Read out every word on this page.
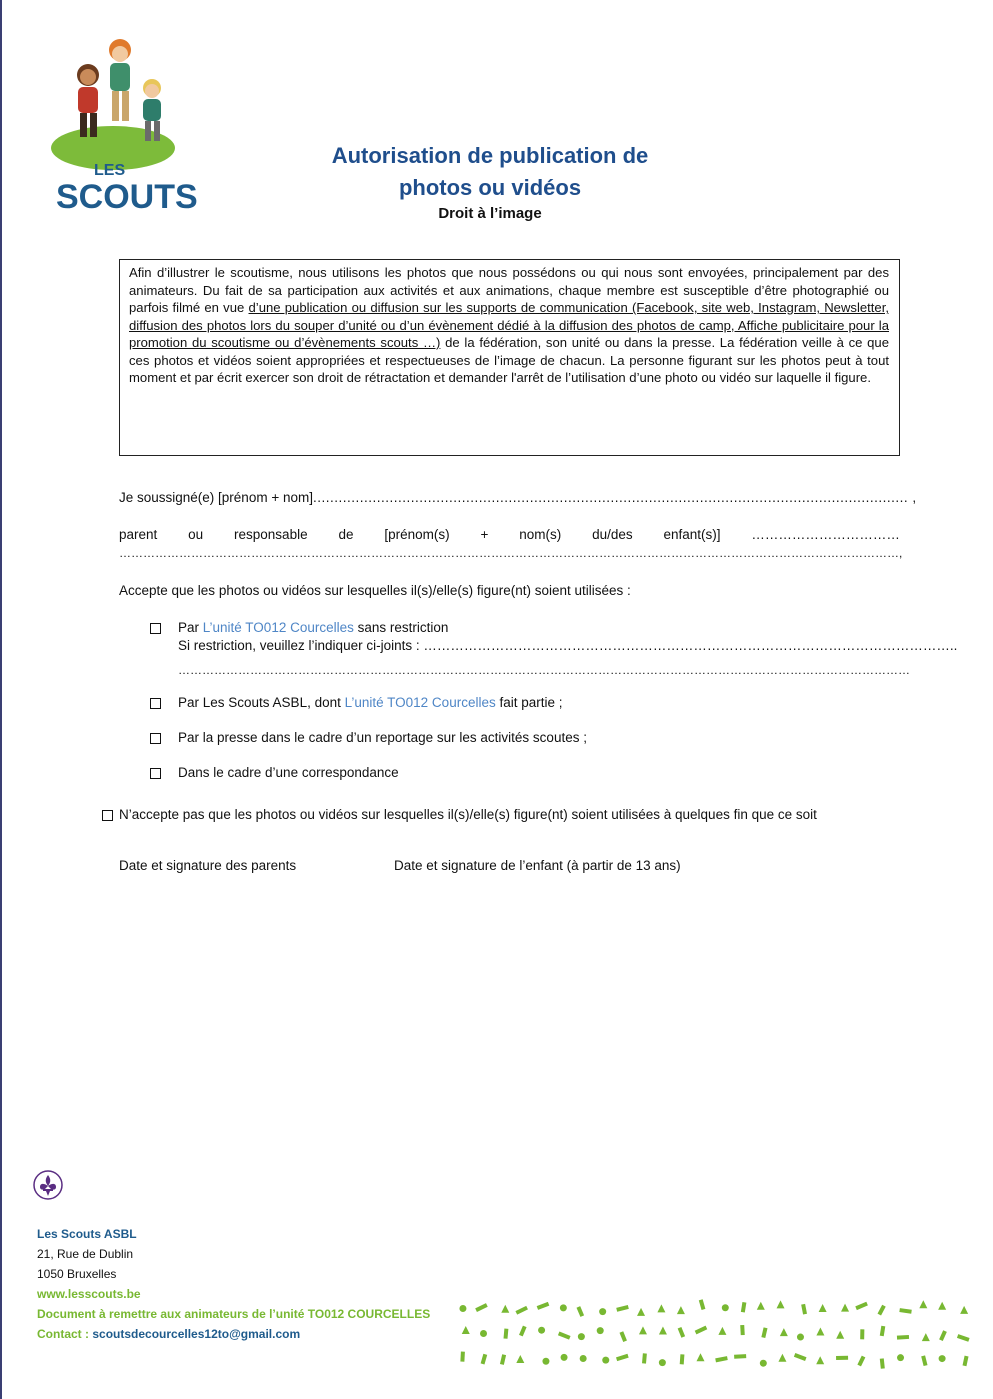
LES
SCOUTS
Autorisation de publication de
photos ou vidéos
Droit à l’image
Afin d’illustrer le scoutisme, nous utilisons les photos que nous possédons ou qui nous sont envoyées, principalement par des animateurs. Du fait de sa participation aux activités et aux animations, chaque membre est susceptible d’être photographié ou parfois filmé en vue d’une publication ou diffusion sur les supports de communication (Facebook, site web, Instagram, Newsletter, diffusion des photos lors du souper d’unité ou d’un évènement dédié à la diffusion des photos de camp, Affiche publicitaire pour la promotion du scoutisme ou d’évènements scouts …) de la fédération, son unité ou dans la presse. La fédération veille à ce que ces photos et vidéos soient appropriées et respectueuses de l’image de chacun. La personne figurant sur les photos peut à tout moment et par écrit exercer son droit de rétractation et demander l'arrêt de l’utilisation d’une photo ou vidéo sur laquelle il figure.
Je soussigné(e) [prénom + nom]............................................................................................................................................ ,
parent ou responsable de [prénom(s) + nom(s) du/des enfant(s)] ……………………………
……………………………………………………………………………………………………………………………………………………………………………,
Accepte que les photos ou vidéos sur lesquelles il(s)/elle(s) figure(nt) soient utilisées :
Par L’unité TO012 Courcelles sans restriction
Si restriction, veuillez l’indiquer ci-joints : ………………………………………………………………………………………………………..
…………………………………………………………………………………………………………………………………………………………………
Par Les Scouts ASBL, dont L’unité TO012 Courcelles fait partie ;
Par la presse dans le cadre d’un reportage sur les activités scoutes ;
Dans le cadre d’une correspondance
N’accepte pas que les photos ou vidéos sur lesquelles il(s)/elle(s) figure(nt) soient utilisées à quelques fin que ce soit
Date et signature des parents	Date et signature de l’enfant (à partir de 13 ans)
Les Scouts ASBL
21, Rue de Dublin
1050 Bruxelles
www.lesscouts.be
Document à remettre aux animateurs de l’unité TO012 COURCELLES
Contact : scoutsdecourcelles12to@gmail.com
